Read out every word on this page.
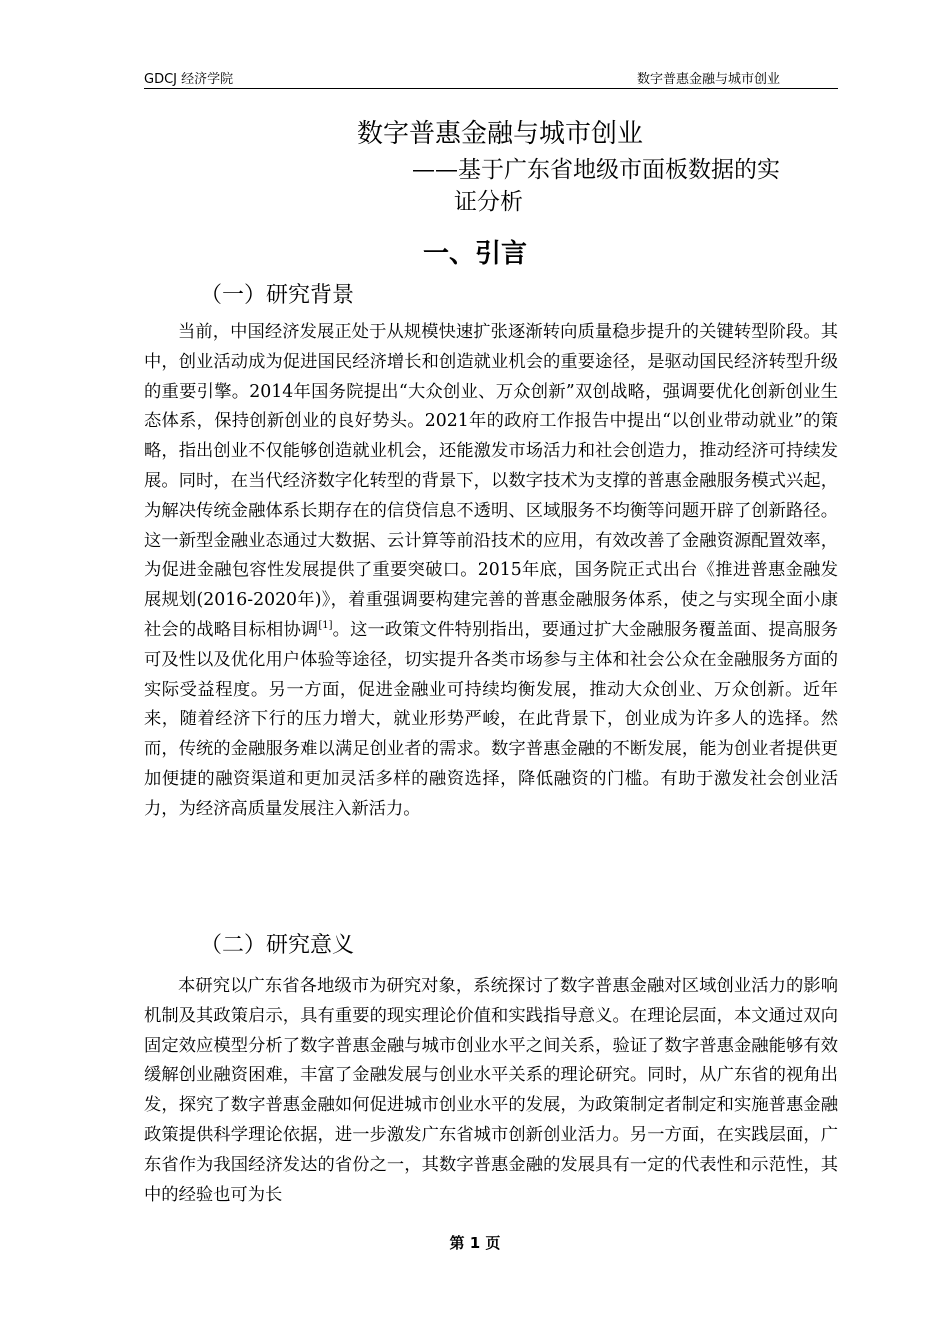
GDCJ 经济学院	数字普惠金融与城市创业
数字普惠金融与城市创业
——基于广东省地级市面板数据的实
证分析
一、引言
（一）研究背景

当前，中国经济发展正处于从规模快速扩张逐渐转向质量稳步提升的关键转型阶段。其中，创业活动成为促进国民经济增长和创造就业机会的重要途径，是驱动国民经济转型升级的重要引擎。2014年国务院提出“大众创业、万众创新”双创战略，强调要优化创新创业生态体系，保持创新创业的良好势头。2021年的政府工作报告中提出“以创业带动就业”的策略，指出创业不仅能够创造就业机会，还能激发市场活力和社会创造力，推动经济可持续发展。同时，在当代经济数字化转型的背景下，以数字技术为支撑的普惠金融服务模式兴起，为解决传统金融体系长期存在的信贷信息不透明、区域服务不均衡等问题开辟了创新路径。这一新型金融业态通过大数据、云计算等前沿技术的应用，有效改善了金融资源配置效率，为促进金融包容性发展提供了重要突破口。2015年底，国务院正式出台《推进普惠金融发展规划(2016-2020年)》，着重强调要构建完善的普惠金融服务体系，使之与实现全面小康社会的战略目标相协调[1]。这一政策文件特别指出，要通过扩大金融服务覆盖面、提高服务可及性以及优化用户体验等途径，切实提升各类市场参与主体和社会公众在金融服务方面的实际受益程度。另一方面，促进金融业可持续均衡发展，推动大众创业、万众创新。近年来，随着经济下行的压力增大，就业形势严峻，在此背景下，创业成为许多人的选择。然而，传统的金融服务难以满足创业者的需求。数字普惠金融的不断发展，能为创业者提供更加便捷的融资渠道和更加灵活多样的融资选择，降低融资的门槛。有助于激发社会创业活力，为经济高质量发展注入新活力。

（二）研究意义

本研究以广东省各地级市为研究对象，系统探讨了数字普惠金融对区域创业活力的影响机制及其政策启示，具有重要的现实理论价值和实践指导意义。在理论层面，本文通过双向固定效应模型分析了数字普惠金融与城市创业水平之间关系，验证了数字普惠金融能够有效缓解创业融资困难，丰富了金融发展与创业水平关系的理论研究。同时，从广东省的视角出发，探究了数字普惠金融如何促进城市创业水平的发展，为政策制定者制定和实施普惠金融政策提供科学理论依据，进一步激发广东省城市创新创业活力。另一方面，在实践层面，广东省作为我国经济发达的省份之一，其数字普惠金融的发展具有一定的代表性和示范性，其中的经验也可为长

第 1 页
